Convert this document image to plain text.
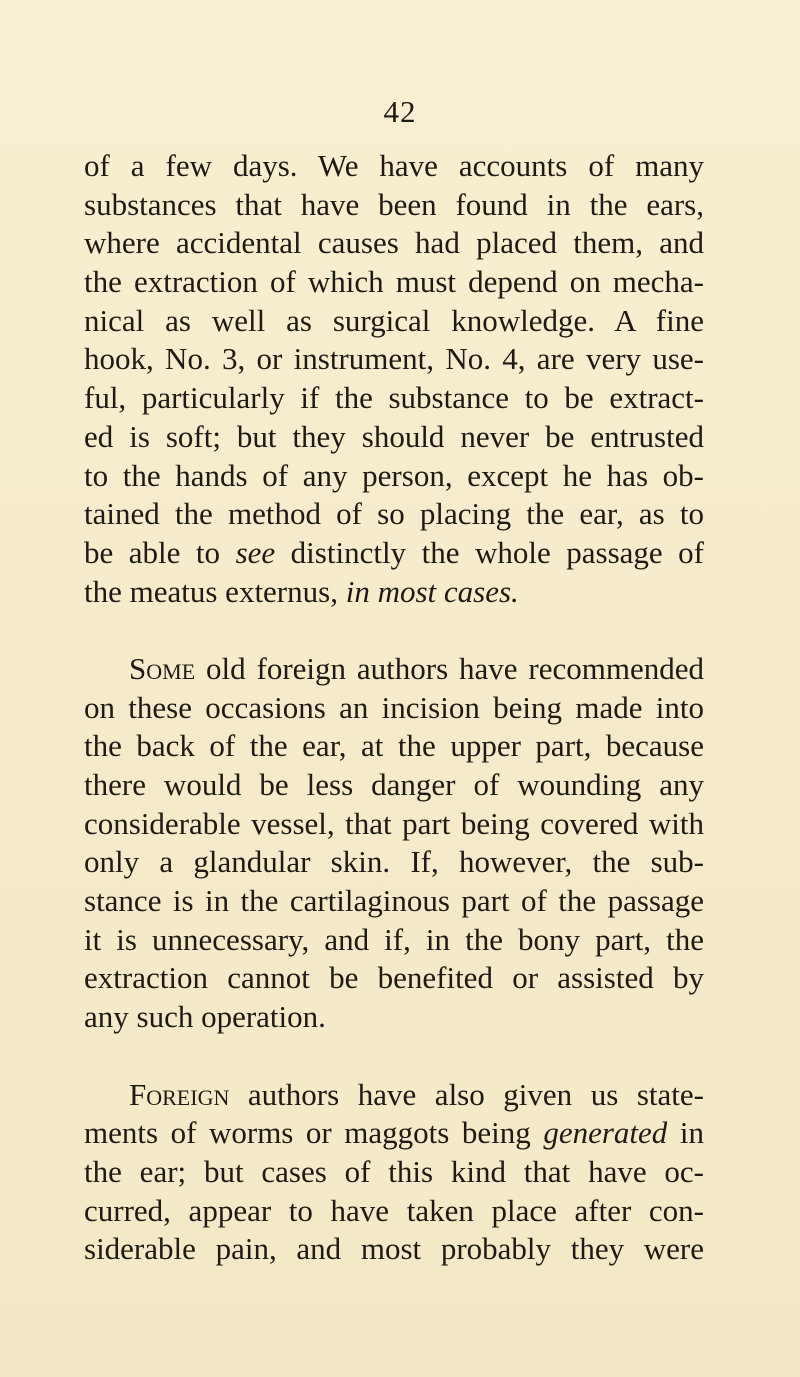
42
of a few days. We have accounts of many
substances that have been found in the ears,
where accidental causes had placed them, and
the extraction of which must depend on mecha-
nical as well as surgical knowledge. A fine
hook, No. 3, or instrument, No. 4, are very use-
ful, particularly if the substance to be extract-
ed is soft; but they should never be entrusted
to the hands of any person, except he has ob-
tained the method of so placing the ear, as to
be able to see distinctly the whole passage of
the meatus externus, in most cases.
Some old foreign authors have recommended
on these occasions an incision being made into
the back of the ear, at the upper part, because
there would be less danger of wounding any
considerable vessel, that part being covered with
only a glandular skin. If, however, the sub-
stance is in the cartilaginous part of the passage
it is unnecessary, and if, in the bony part, the
extraction cannot be benefited or assisted by
any such operation.
Foreign authors have also given us state-
ments of worms or maggots being generated in
the ear; but cases of this kind that have oc-
curred, appear to have taken place after con-
siderable pain, and most probably they were
